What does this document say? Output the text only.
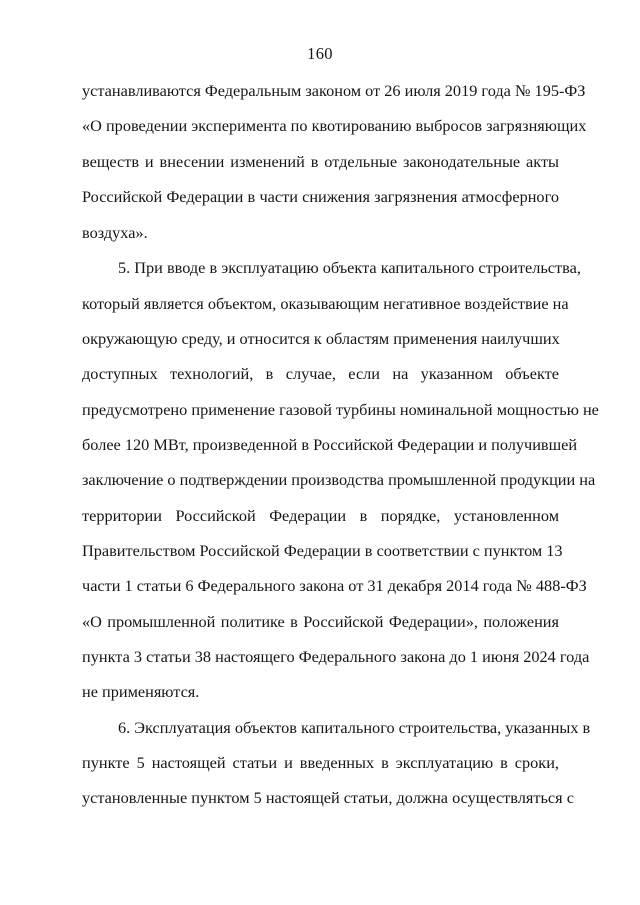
160
устанавливаются Федеральным законом от 26 июля 2019 года № 195-ФЗ
«О проведении эксперимента по квотированию выбросов загрязняющих
веществ и внесении изменений в отдельные законодательные акты
Российской Федерации в части снижения загрязнения атмосферного
воздуха».
5. При вводе в эксплуатацию объекта капитального строительства,
который является объектом, оказывающим негативное воздействие на
окружающую среду, и относится к областям применения наилучших
доступных технологий, в случае, если на указанном объекте
предусмотрено применение газовой турбины номинальной мощностью не
более 120 МВт, произведенной в Российской Федерации и получившей
заключение о подтверждении производства промышленной продукции на
территории Российской Федерации в порядке, установленном
Правительством Российской Федерации в соответствии с пунктом 13
части 1 статьи 6 Федерального закона от 31 декабря 2014 года № 488-ФЗ
«О промышленной политике в Российской Федерации», положения
пункта 3 статьи 38 настоящего Федерального закона до 1 июня 2024 года
не применяются.
6. Эксплуатация объектов капитального строительства, указанных в
пункте 5 настоящей статьи и введенных в эксплуатацию в сроки,
установленные пунктом 5 настоящей статьи, должна осуществляться с
